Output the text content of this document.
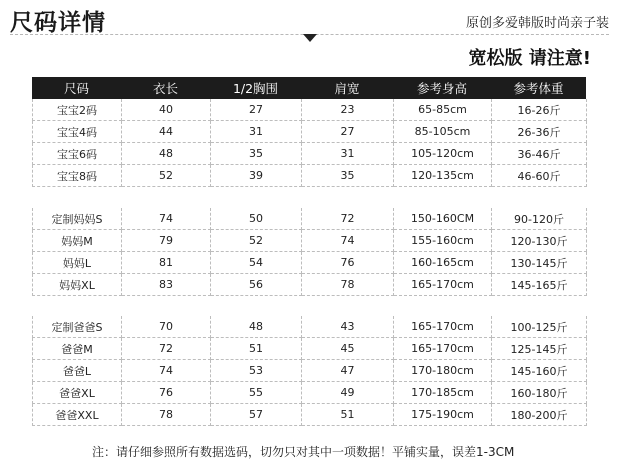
尺码详情	原创多爱韩版时尚亲子装
宽松版 请注意!
尺码	衣长	1/2胸围	肩宽	参考身高	参考体重
宝宝2码	40	27	23	65-85cm	16-26斤
宝宝4码	44	31	27	85-105cm	26-36斤
宝宝6码	48	35	31	105-120cm	36-46斤
宝宝8码	52	39	35	120-135cm	46-60斤
定制妈妈S	74	50	72	150-160CM	90-120斤
妈妈M	79	52	74	155-160cm	120-130斤
妈妈L	81	54	76	160-165cm	130-145斤
妈妈XL	83	56	78	165-170cm	145-165斤
定制爸爸S	70	48	43	165-170cm	100-125斤
爸爸M	72	51	45	165-170cm	125-145斤
爸爸L	74	53	47	170-180cm	145-160斤
爸爸XL	76	55	49	170-185cm	160-180斤
爸爸XXL	78	57	51	175-190cm	180-200斤
注：请仔细参照所有数据选码，切勿只对其中一项数据！平铺实量，误差1-3CM
